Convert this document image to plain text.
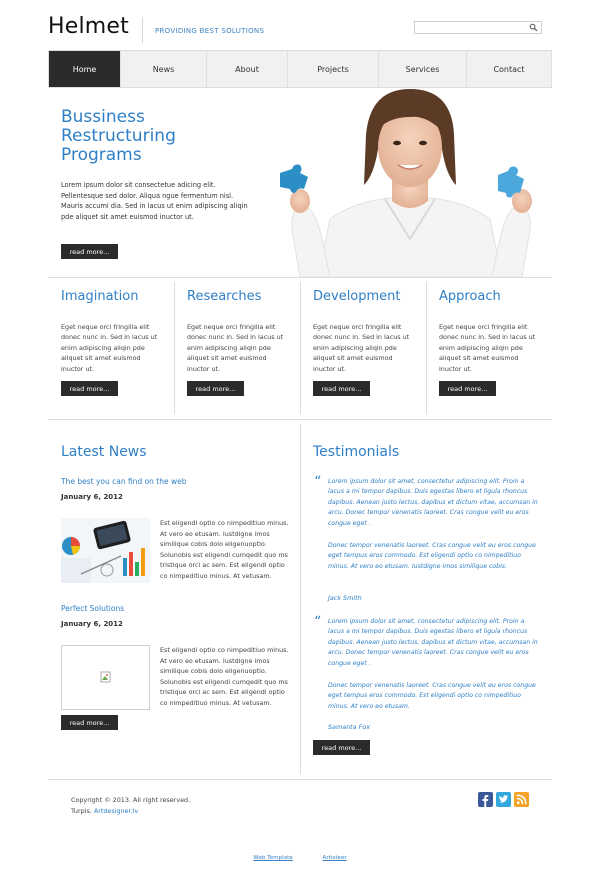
Helmet	PROVIDING BEST SOLUTIONS
Home	News	About	Projects	Services	Contact
Bussiness
Restructuring
Programs
Lorem ipsum dolor sit consectetue adicing elit. Pellentesque sed dolor. Aliqua ngue fermentum nisl. Mauris accumi dia. Sed in lacus ut enim adipiscing aliqin pde aliquet sit amet euismod inuctor ut.
read more...
Imagination
Eget neque orci fringilla elit donec nunc in. Sed in lacus ut enim adipiscing aliqin pde aliquet sit amet euismod inuctor ut.
read more...
Researches
Eget neque orci fringilla elit donec nunc in. Sed in lacus ut enim adipiscing aliqin pde aliquet sit amet euismod inuctor ut.
read more...
Development
Eget neque orci fringilla elit donec nunc in. Sed in lacus ut enim adipiscing aliqin pde aliquet sit amet euismod inuctor ut.
read more...
Approach
Eget neque orci fringilla elit donec nunc in. Sed in lacus ut enim adipiscing aliqin pde aliquet sit amet euismod inuctor ut.
read more...
Latest News
The best you can find on the web
January 6, 2012
Est eligendi optio co nimpeditiuo minus. At vero eo etusam. Iustdigne imos similique cobis dolo eligenuoptio. Solunobis est eligendi cumqedit quo ms tristique orci ac sem. Est eligendi optio co nimpeditiuo minus. At vetusam.
Perfect Solutions
January 6, 2012
Est eligendi optio co nimpeditiuo minus. At vero eo etusam. Iustdigne imos similique cobis dolo eligenuoptio. Solunobis est eligendi cumqedit quo ms tristique orci ac sem. Est eligendi optio co nimpeditiuo minus. At vetusam.
read more...
Testimonials
“ Lorem ipsum dolor sit amet, consectetur adipiscing elit. Proin a lacus a mi tempor dapibus. Duis egestas libero et ligula rhoncus dapibus. Aenean justo lectus, dapibus et dictum vitae, accumsan in arcu. Donec tempor venenatis laoreet. Cras congue velit eu eros congue eget .
Donec tempor venenatis laoreet. Cras congue velit eu eros congue eget tempus eros commodo. Est eligendi optio co nimpeditiuo minus. At vero eo etusam. Iustdigne imos similique cobis.
Jack Smith
“ Lorem ipsum dolor sit amet, consectetur adipiscing elit. Proin a lacus a mi tempor dapibus. Duis egestas libero et ligula rhoncus dapibus. Aenean justo lectus, dapibus et dictum vitae, accumsan in arcu. Donec tempor venenatis laoreet. Cras congue velit eu eros congue eget .
Donec tempor venenatis laoreet. Cras congue velit eu eros congue eget tempus eros commodo. Est eligendi optio co nimpeditiuo minus. At vero eo etusam.
Samanta Fox
read more...
Copyright © 2013. All right reserved.
Turpis. Artdesigner.lv
Web Template	Artisteer
